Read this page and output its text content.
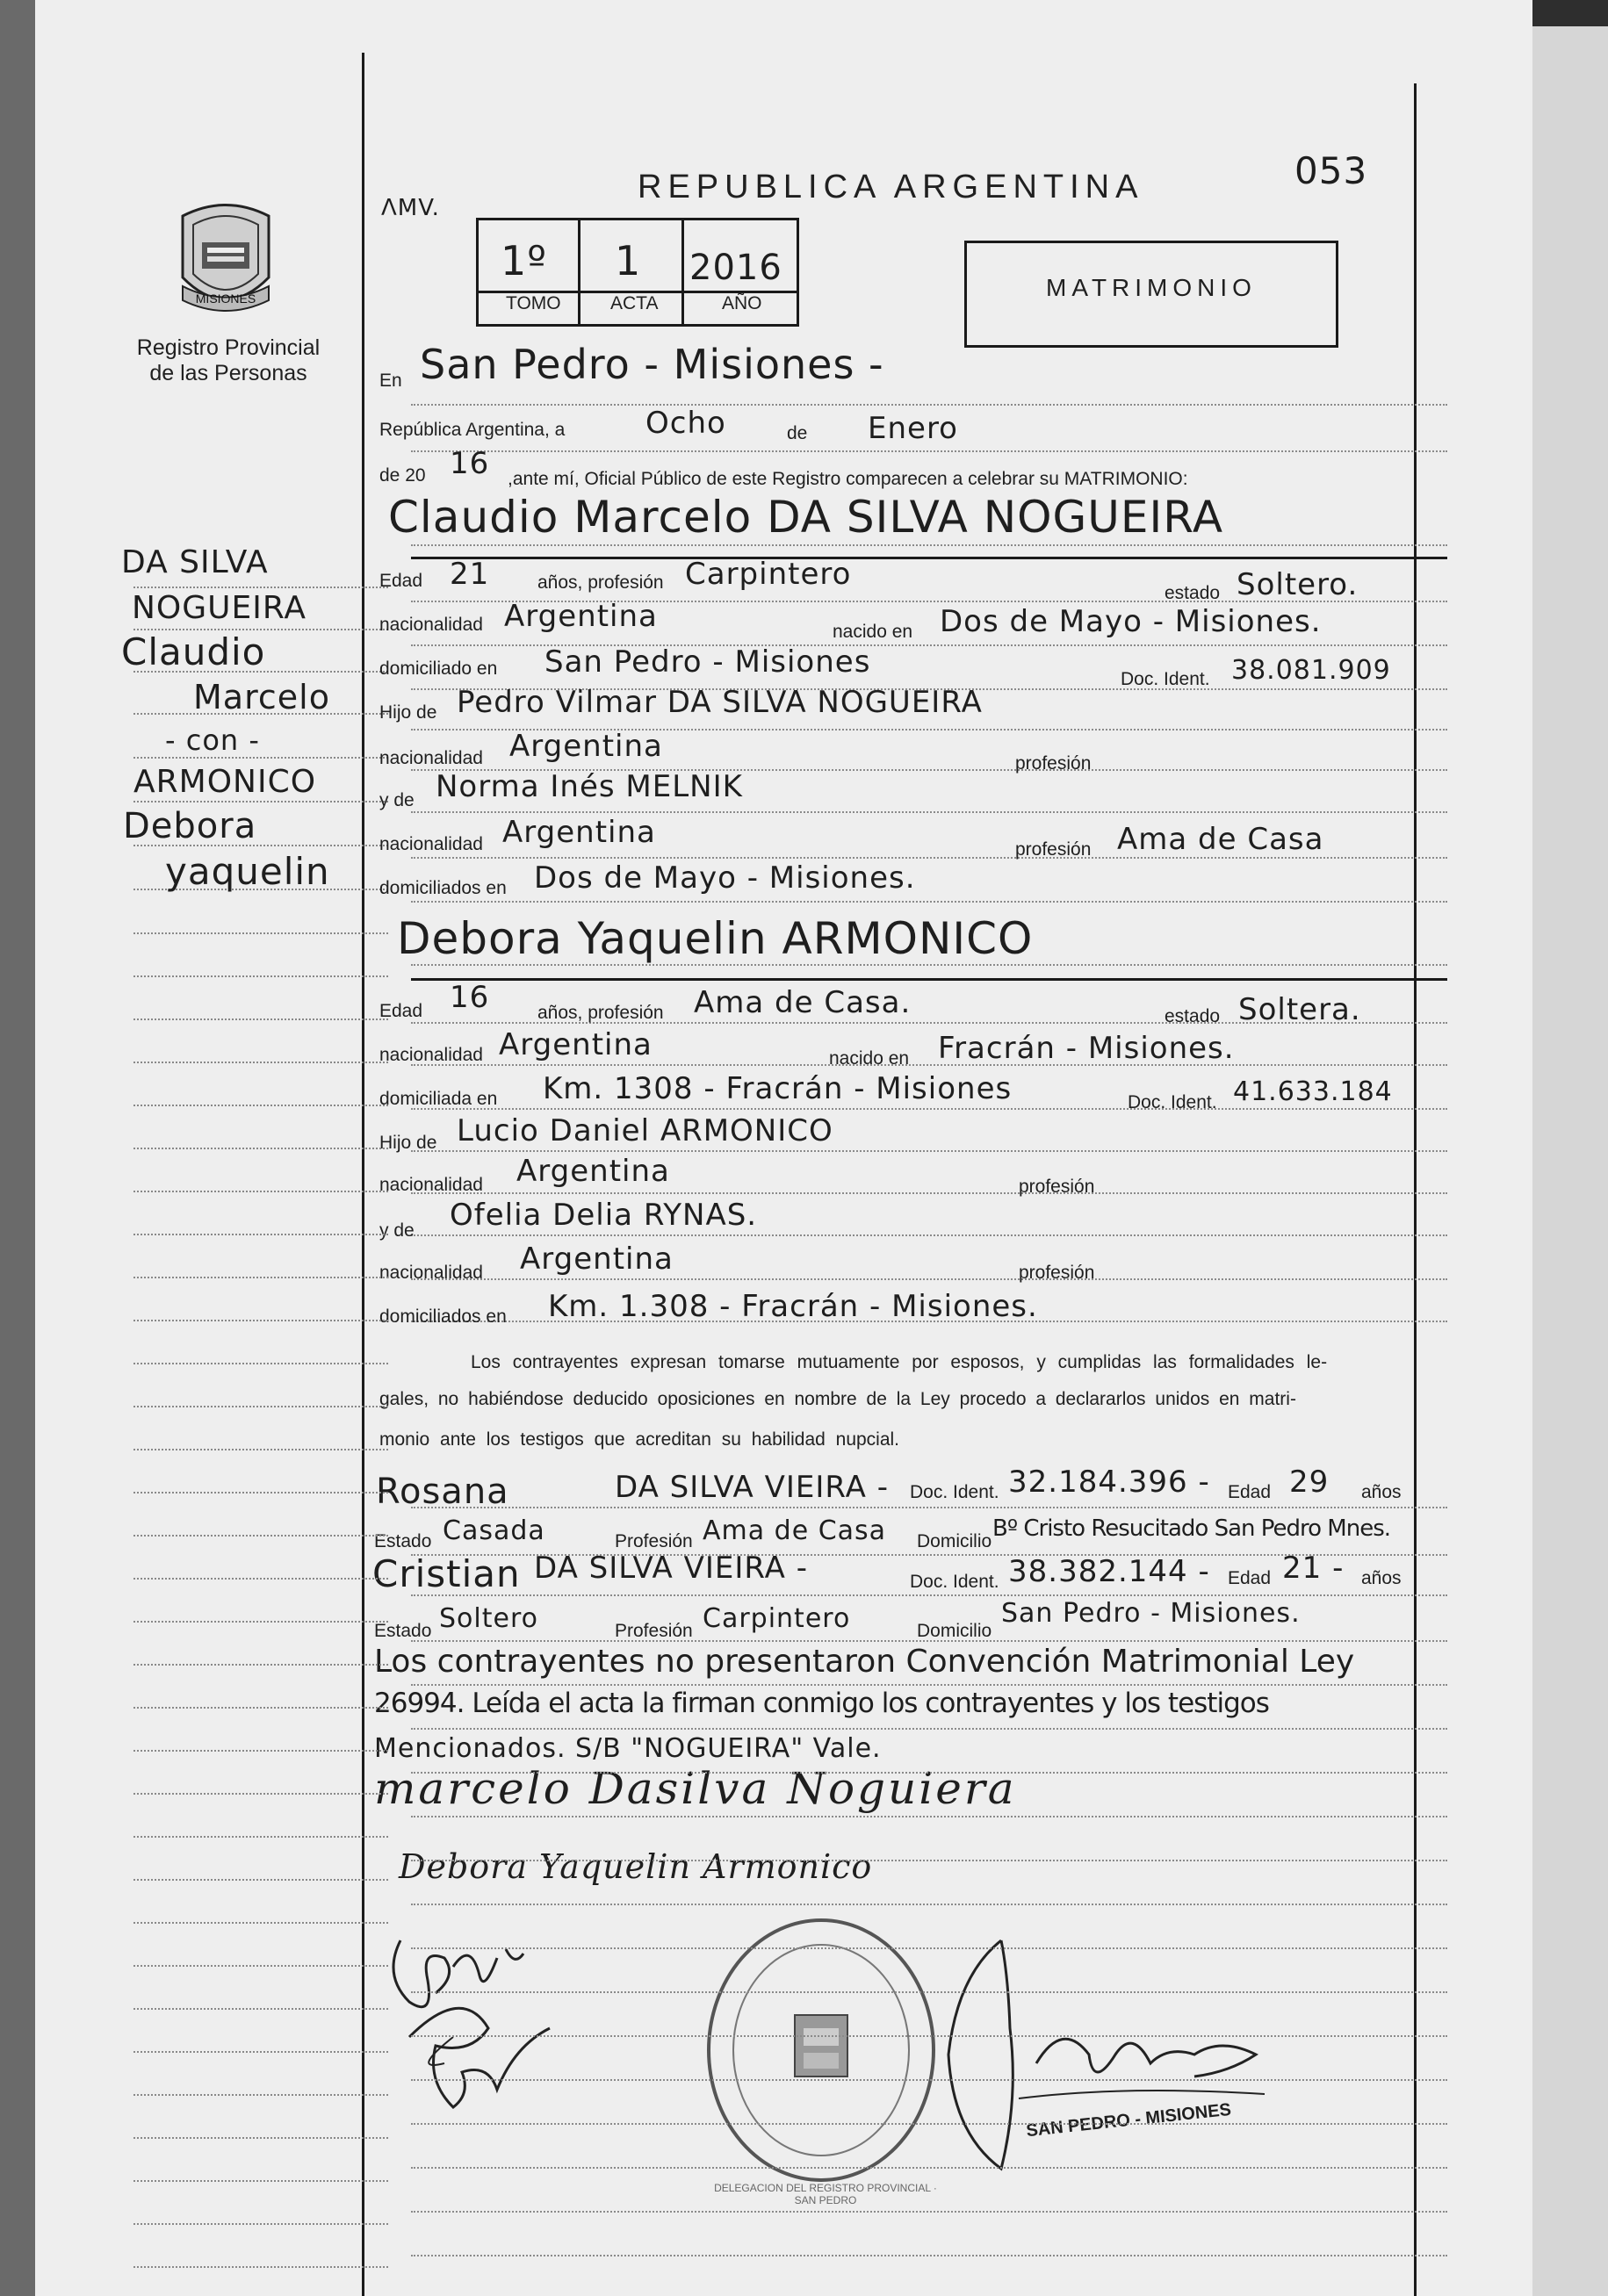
MISIONES
Registro Provincial
de las Personas
ΛMV.
REPUBLICA ARGENTINA	053
1º 1 2016
TOMO	ACTA	AÑO
MATRIMONIO
DA SILVA
NOGUEIRA
Claudio
Marcelo
- con -
ARMONICO
Debora
yaquelin
En San Pedro - Misiones -
República Argentina, a	Ocho	de Enero
de 20 16 ,ante mí, Oficial Público de este Registro comparecen a celebrar su MATRIMONIO:
Claudio Marcelo DA SILVA NOGUEIRA
Edad 21	años, profesión Carpintero
estado Soltero.
nacionalidad Argentina	nacido en Dos de Mayo - Misiones.
domiciliado en San Pedro - Misiones	Doc. Ident. 38.081.909
Hijo de Pedro Vilmar DA SILVA NOGUEIRA
nacionalidad Argentina	profesión
y de Norma Inés MELNIK
nacionalidad Argentina	profesión Ama de Casa
domiciliados en Dos de Mayo - Misiones.
Debora Yaquelin ARMONICO
Edad 16	años, profesión Ama de Casa.	estado Soltera.
nacionalidad Argentina	nacido en Fracrán - Misiones.
domiciliada en Km. 1308 - Fracrán - Misiones	Doc. Ident. 41.633.184
Hijo de Lucio Daniel ARMONICO
nacionalidad Argentina	profesión
y de Ofelia Delia RYNAS.
nacionalidad Argentina	profesión
domiciliados en Km. 1.308 - Fracrán - Misiones.
Los contrayentes expresan tomarse mutuamente por esposos, y cumplidas las formalidades le-
gales, no habiéndose deducido oposiciones en nombre de la Ley procedo a declararlos unidos en matri-
monio ante los testigos que acreditan su habilidad nupcial.
Rosana	DA SILVA VIEIRA - Doc. Ident. 32.184.396 - Edad 29 años
Estado Casada	Profesión Ama de Casa Domicilio Bº Cristo Resucitado San Pedro Mnes.
Cristian DA SILVA VIEIRA -	Doc. Ident. 38.382.144 - Edad 21 - años
Estado Soltero	Profesión Carpintero	Domicilio
San Pedro - Misiones.
Los contrayentes no presentaron Convención Matrimonial Ley
26994. Leída el acta la firman conmigo los contrayentes y los testigos
Mencionados. S/B "NOGUEIRA" Vale.
marcelo Dasilva Noguiera
Debora Yaquelin Armonico
DELEGACION DEL REGISTRO PROVINCIAL · SAN PEDRO
SAN PEDRO - MISIONES
